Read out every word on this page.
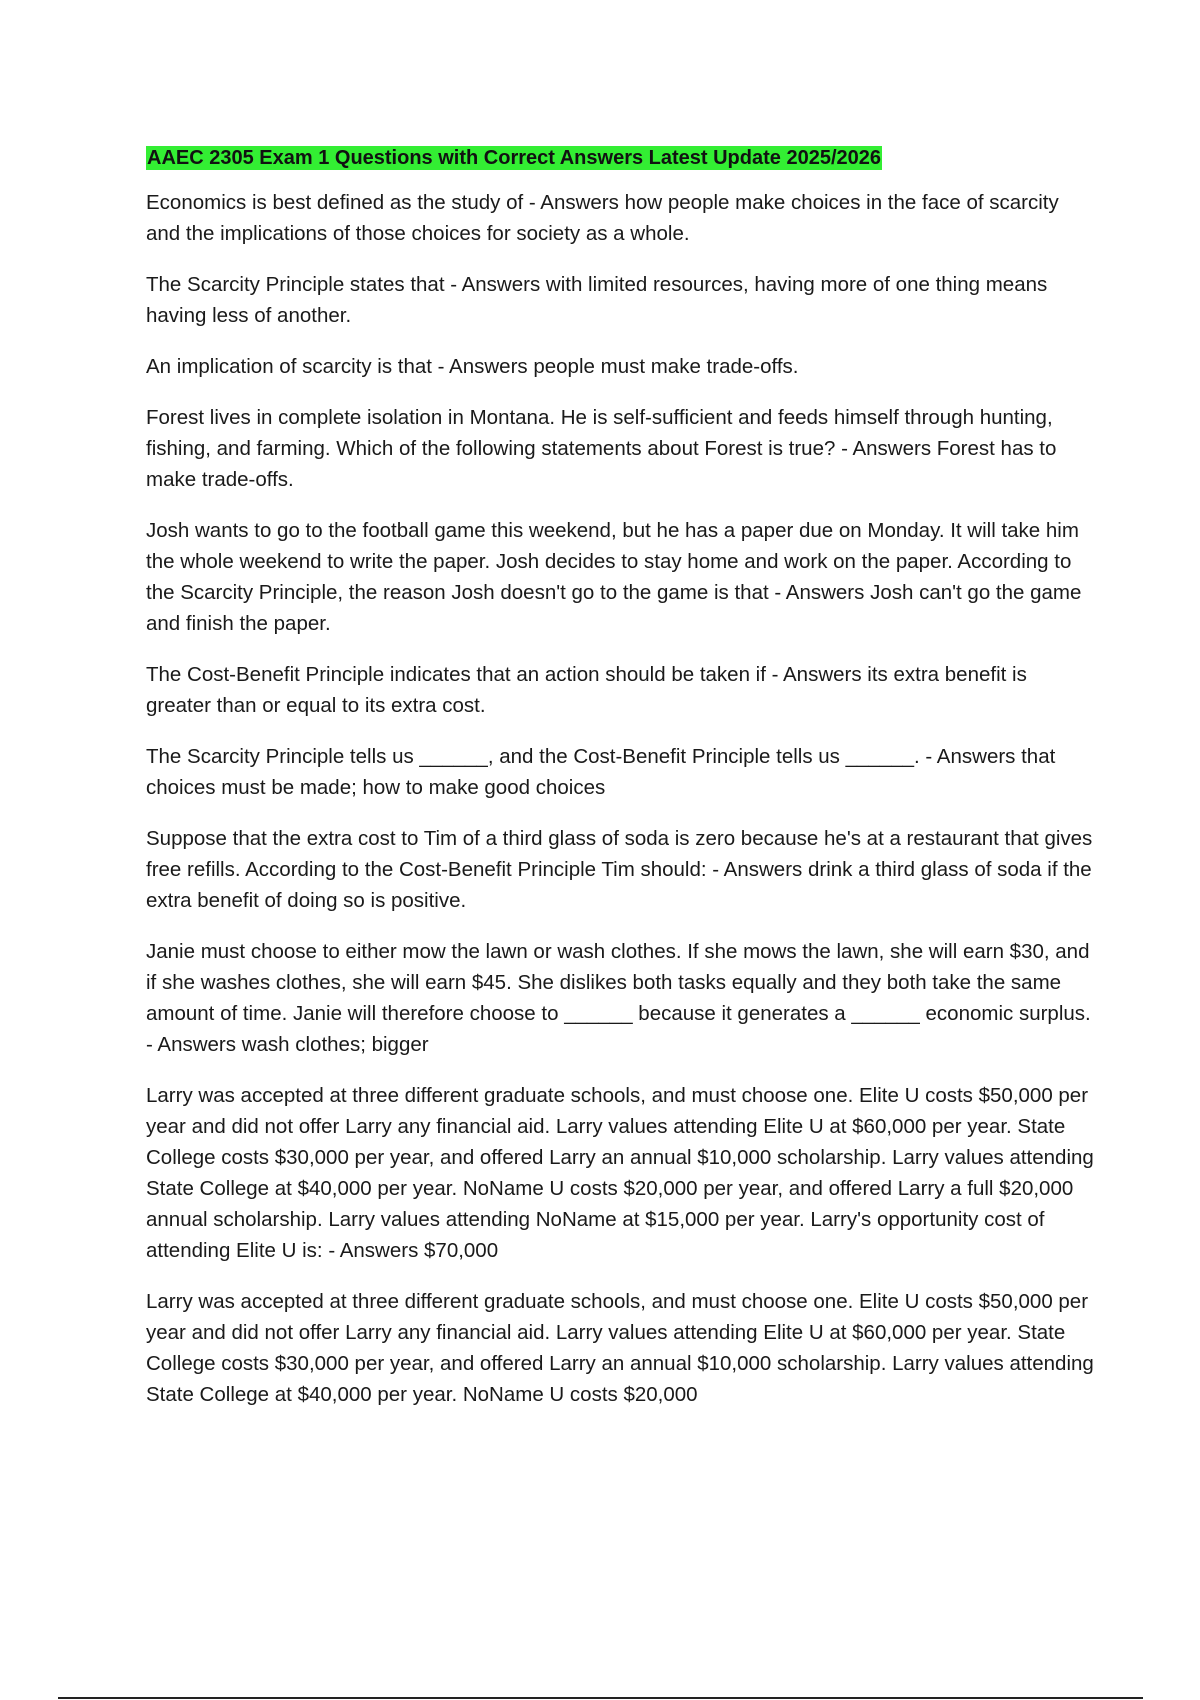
AAEC 2305 Exam 1 Questions with Correct Answers Latest Update 2025/2026

Economics is best defined as the study of - Answers how people make choices in the face of scarcity and the implications of those choices for society as a whole.

The Scarcity Principle states that - Answers with limited resources, having more of one thing means having less of another.

An implication of scarcity is that - Answers people must make trade-offs.

Forest lives in complete isolation in Montana. He is self-sufficient and feeds himself through hunting, fishing, and farming. Which of the following statements about Forest is true? - Answers Forest has to make trade-offs.

Josh wants to go to the football game this weekend, but he has a paper due on Monday. It will take him the whole weekend to write the paper. Josh decides to stay home and work on the paper. According to the Scarcity Principle, the reason Josh doesn't go to the game is that - Answers Josh can't go the game and finish the paper.

The Cost-Benefit Principle indicates that an action should be taken if - Answers its extra benefit is greater than or equal to its extra cost.

The Scarcity Principle tells us ______, and the Cost-Benefit Principle tells us ______. - Answers that choices must be made; how to make good choices

Suppose that the extra cost to Tim of a third glass of soda is zero because he's at a restaurant that gives free refills. According to the Cost-Benefit Principle Tim should: - Answers drink a third glass of soda if the extra benefit of doing so is positive.

Janie must choose to either mow the lawn or wash clothes. If she mows the lawn, she will earn $30, and if she washes clothes, she will earn $45. She dislikes both tasks equally and they both take the same amount of time. Janie will therefore choose to ______ because it generates a ______ economic surplus. - Answers wash clothes; bigger

Larry was accepted at three different graduate schools, and must choose one. Elite U costs $50,000 per year and did not offer Larry any financial aid. Larry values attending Elite U at $60,000 per year. State College costs $30,000 per year, and offered Larry an annual $10,000 scholarship. Larry values attending State College at $40,000 per year. NoName U costs $20,000 per year, and offered Larry a full $20,000 annual scholarship. Larry values attending NoName at $15,000 per year. Larry's opportunity cost of attending Elite U is: - Answers $70,000

Larry was accepted at three different graduate schools, and must choose one. Elite U costs $50,000 per year and did not offer Larry any financial aid. Larry values attending Elite U at $60,000 per year. State College costs $30,000 per year, and offered Larry an annual $10,000 scholarship. Larry values attending State College at $40,000 per year. NoName U costs $20,000
